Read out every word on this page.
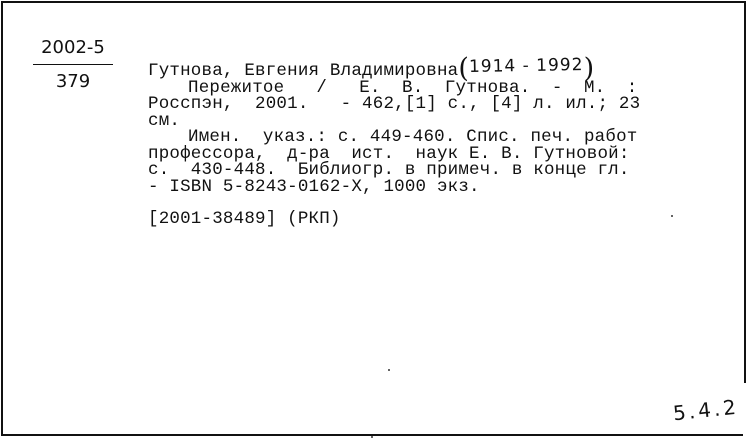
2002-5
379	Гутнова, Евгения Владимировна(1914 - 1992)
Пережитое   /   Е.  В.  Гутнова.  -  М.  :
Росспэн,  2001.   - 462,[1] с., [4] л. ил.; 23
см.
Имен.  указ.: с. 449-460. Спис. печ. работ
профессора,  д-ра  ист.  наук Е. В. Гутновой:
с.  430-448.  Библиогр. в примеч. в конце гл.
- ISBN 5-8243-0162-Х, 1000 экз.
[2001-38489] (РКП)
5.4.2
